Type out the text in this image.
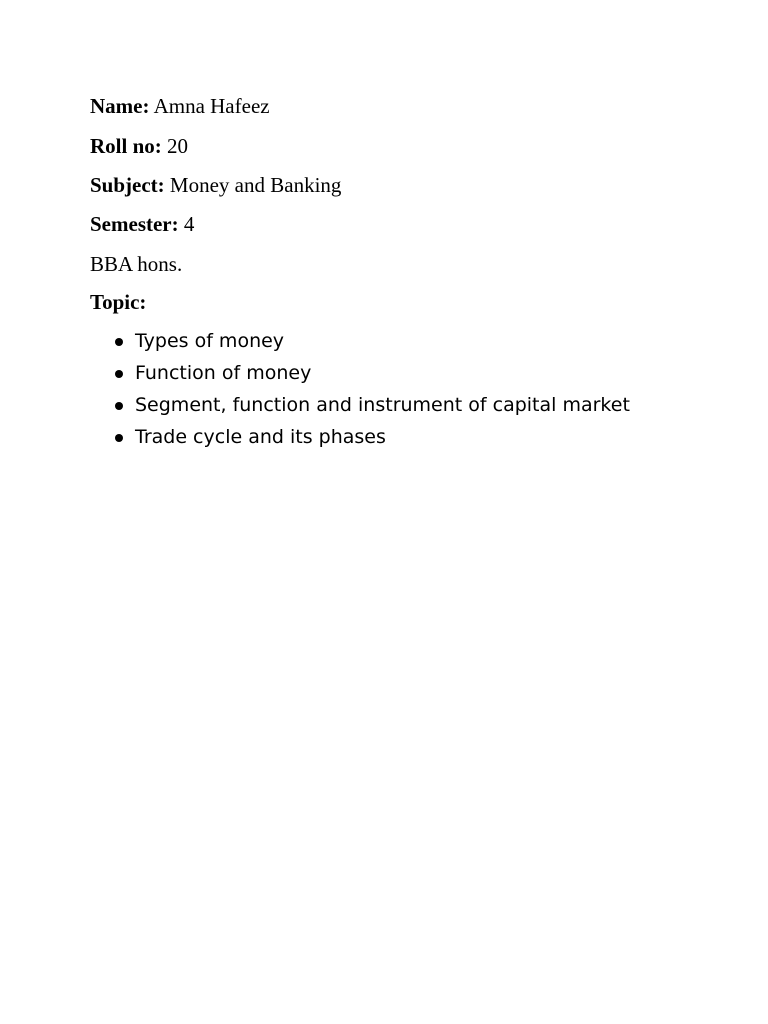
Name: Amna Hafeez
Roll no: 20
Subject: Money and Banking
Semester: 4
BBA hons.
Topic:
Types of money
Function of money
Segment, function and instrument of capital market
Trade cycle and its phases
